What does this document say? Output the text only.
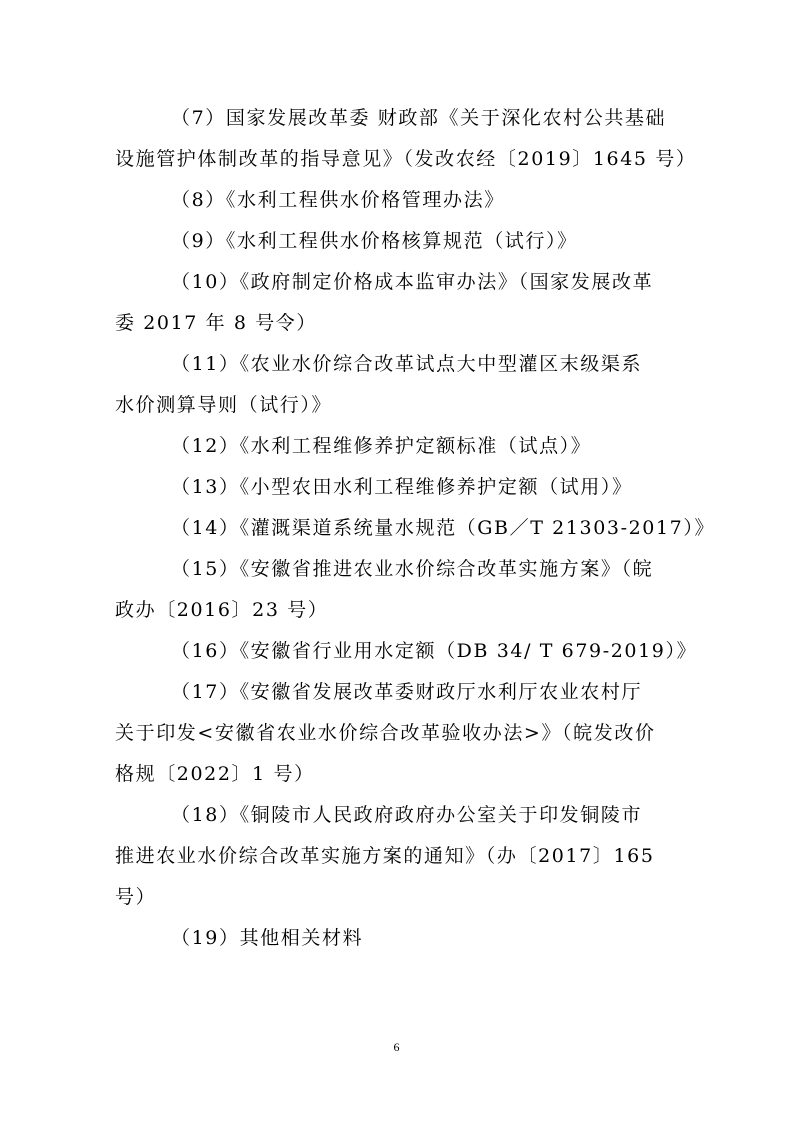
（7）国家发展改革委 财政部《关于深化农村公共基础
设施管护体制改革的指导意见》（发改农经〔2019〕1645 号）

（8）《水利工程供水价格管理办法》

（9）《水利工程供水价格核算规范（试行）》

（10）《政府制定价格成本监审办法》（国家发展改革
委 2017 年 8 号令）

（11）《农业水价综合改革试点大中型灌区末级渠系
水价测算导则（试行）》

（12）《水利工程维修养护定额标准（试点）》

（13）《小型农田水利工程维修养护定额（试用）》

（14）《灌溉渠道系统量水规范（GB／T 21303-2017）》

（15）《安徽省推进农业水价综合改革实施方案》（皖
政办〔2016〕23 号）

（16）《安徽省行业用水定额（DB 34/ T 679-2019）》

（17）《安徽省发展改革委财政厅水利厅农业农村厅
关于印发<安徽省农业水价综合改革验收办法>》（皖发改价
格规〔2022〕1 号）

（18）《铜陵市人民政府政府办公室关于印发铜陵市
推进农业水价综合改革实施方案的通知》（办〔2017〕165
号）

（19）其他相关材料

6
